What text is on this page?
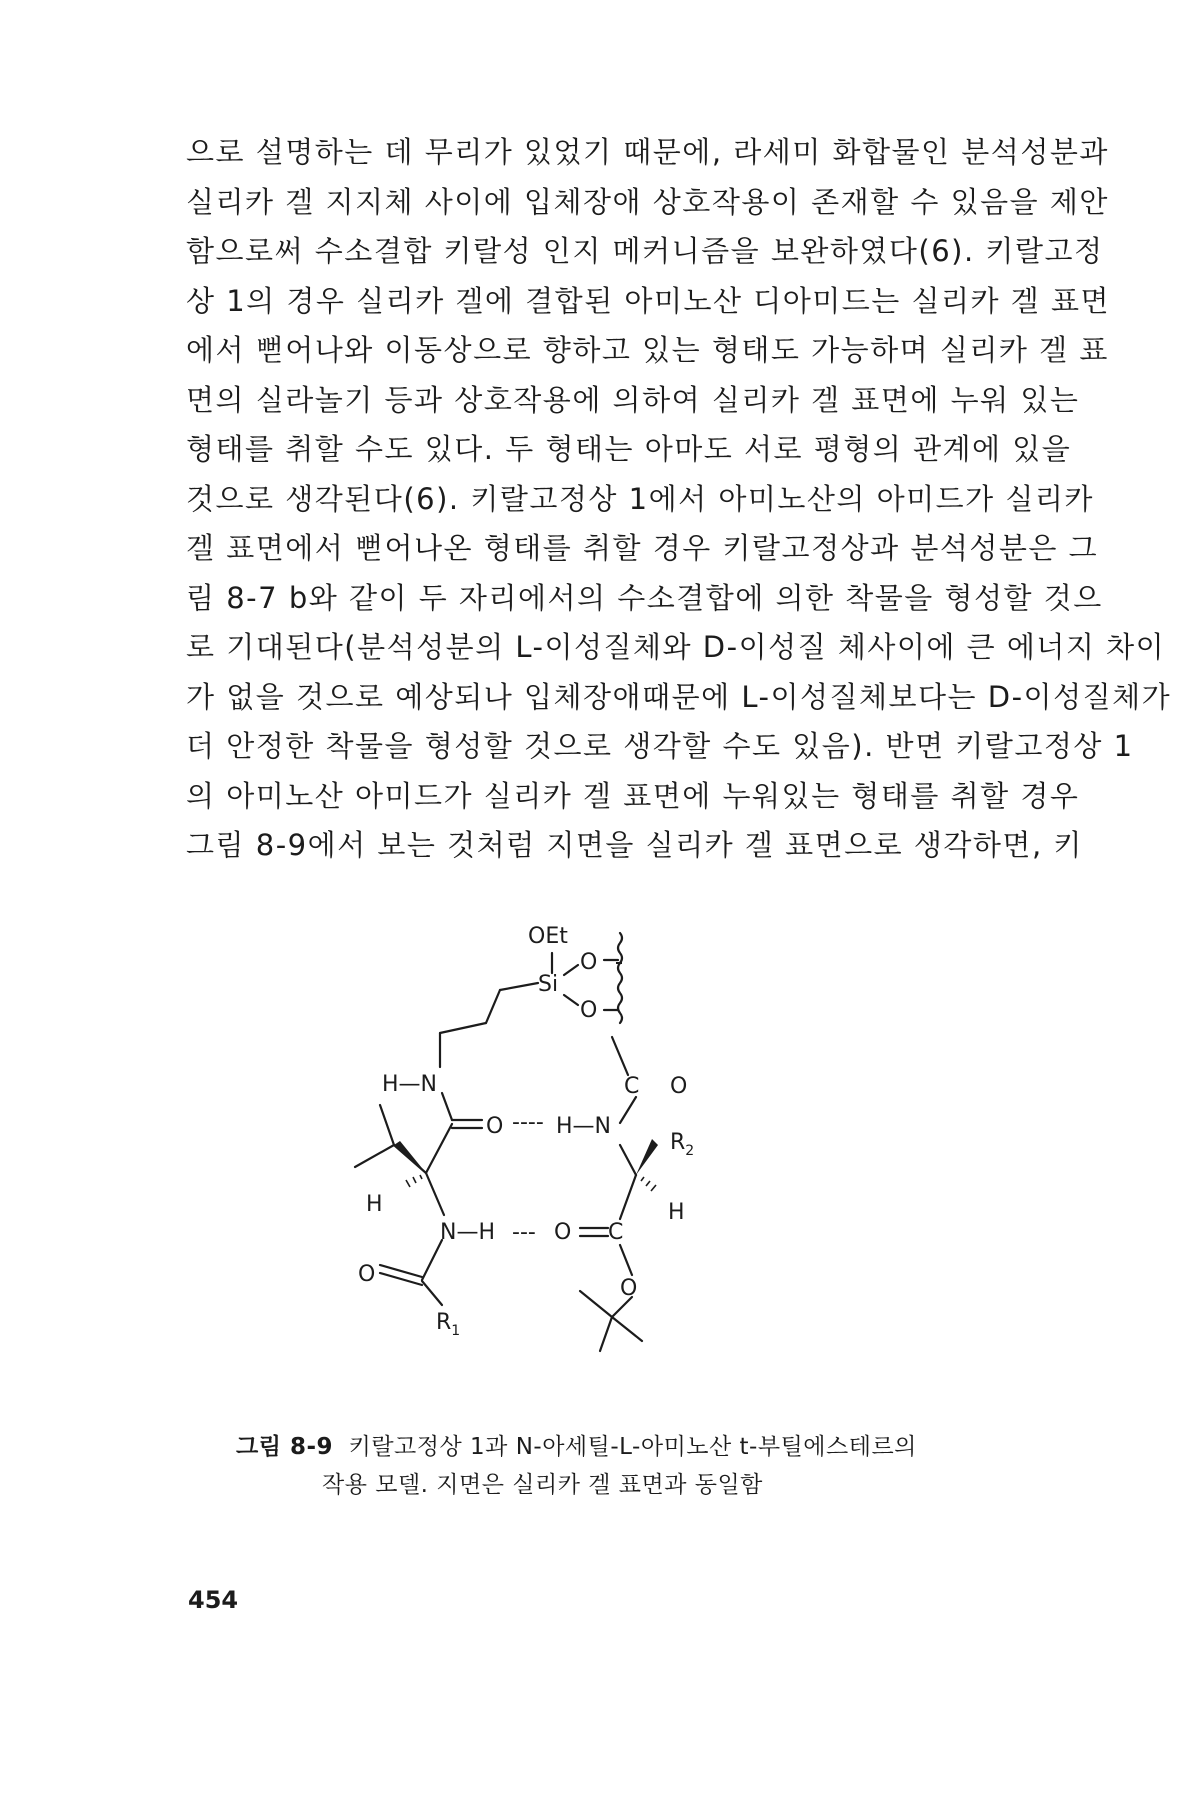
으로 설명하는 데 무리가 있었기 때문에, 라세미 화합물인 분석성분과
실리카 겔 지지체 사이에 입체장애 상호작용이 존재할 수 있음을 제안
함으로써 수소결합 키랄성 인지 메커니즘을 보완하였다(6). 키랄고정
상 1의 경우 실리카 겔에 결합된 아미노산 디아미드는 실리카 겔 표면
에서 뻗어나와 이동상으로 향하고 있는 형태도 가능하며 실리카 겔 표
면의 실라놀기 등과 상호작용에 의하여 실리카 겔 표면에 누워 있는
형태를 취할 수도 있다. 두 형태는 아마도 서로 평형의 관계에 있을
것으로 생각된다(6). 키랄고정상 1에서 아미노산의 아미드가 실리카
겔 표면에서 뻗어나온 형태를 취할 경우 키랄고정상과 분석성분은 그
림 8-7 b와 같이 두 자리에서의 수소결합에 의한 착물을 형성할 것으
로 기대된다(분석성분의 L-이성질체와 D-이성질 체사이에 큰 에너지 차이
가 없을 것으로 예상되나 입체장애때문에 L-이성질체보다는 D-이성질체가
더 안정한 착물을 형성할 것으로 생각할 수도 있음). 반면 키랄고정상 1
의 아미노산 아미드가 실리카 겔 표면에 누워있는 형태를 취할 경우
그림 8-9에서 보는 것처럼 지면을 실리카 겔 표면으로 생각하면, 키
OEt
Si
O
O
H—N
O ---- H—N
C O
$R_2$
H	H
N—H --- O C
O
O
$R_1$
그림 8-9 키랄고정상 1과 N-아세틸-L-아미노산 t-부틸에스테르의
작용 모델. 지면은 실리카 겔 표면과 동일함
454
